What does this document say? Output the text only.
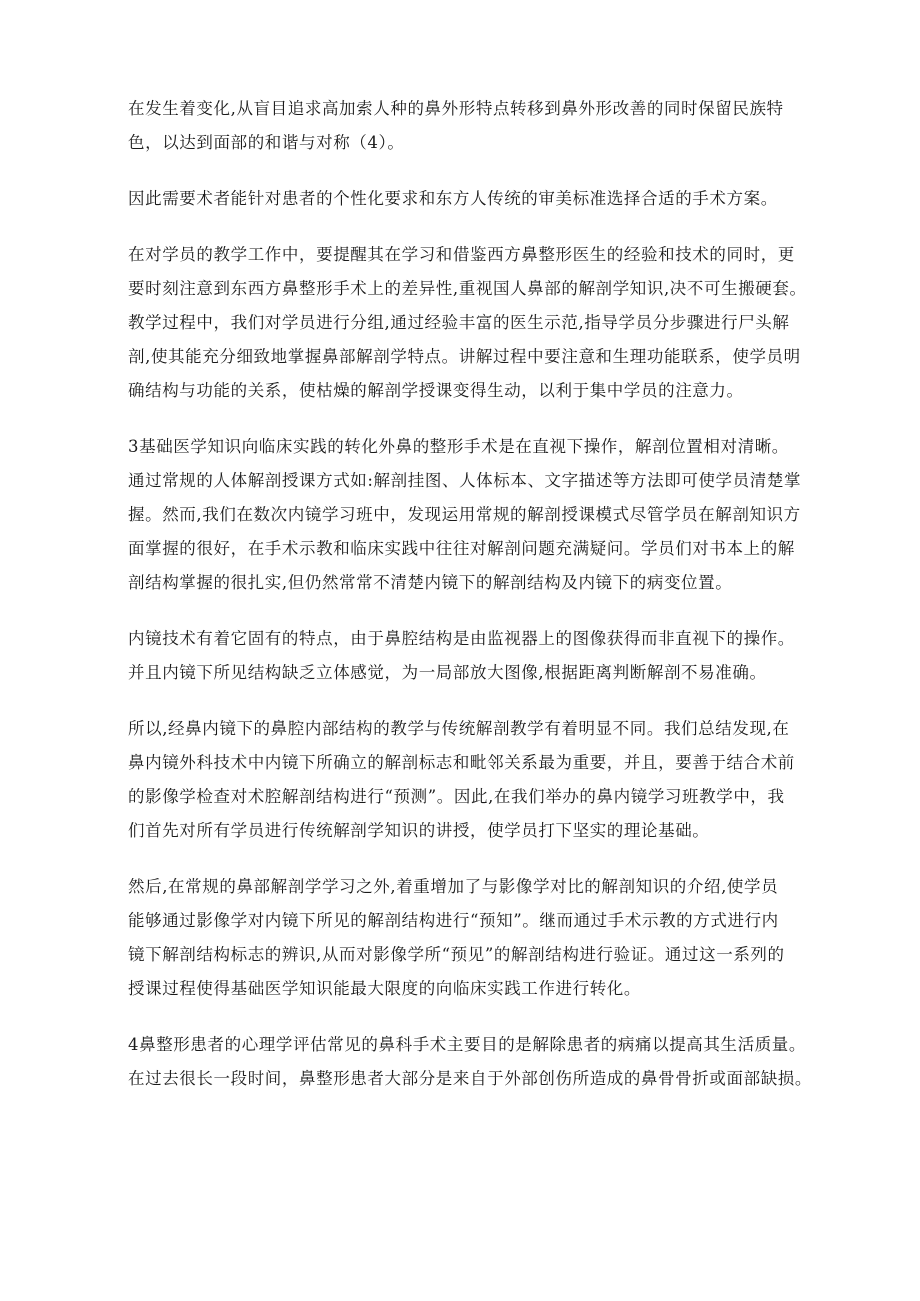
在发生着变化,从盲目追求高加索人种的鼻外形特点转移到鼻外形改善的同时保留民族特
色，以达到面部的和谐与对称（4）。

因此需要术者能针对患者的个性化要求和东方人传统的审美标准选择合适的手术方案。

在对学员的教学工作中，要提醒其在学习和借鉴西方鼻整形医生的经验和技术的同时，更
要时刻注意到东西方鼻整形手术上的差异性,重视国人鼻部的解剖学知识,决不可生搬硬套。
教学过程中，我们对学员进行分组,通过经验丰富的医生示范,指导学员分步骤进行尸头解
剖,使其能充分细致地掌握鼻部解剖学特点。讲解过程中要注意和生理功能联系，使学员明
确结构与功能的关系，使枯燥的解剖学授课变得生动，以利于集中学员的注意力。

3基础医学知识向临床实践的转化外鼻的整形手术是在直视下操作，解剖位置相对清晰。
通过常规的人体解剖授课方式如:解剖挂图、人体标本、文字描述等方法即可使学员清楚掌
握。然而,我们在数次内镜学习班中，发现运用常规的解剖授课模式尽管学员在解剖知识方
面掌握的很好，在手术示教和临床实践中往往对解剖问题充满疑问。学员们对书本上的解
剖结构掌握的很扎实,但仍然常常不清楚内镜下的解剖结构及内镜下的病变位置。

内镜技术有着它固有的特点，由于鼻腔结构是由监视器上的图像获得而非直视下的操作。
并且内镜下所见结构缺乏立体感觉，为一局部放大图像,根据距离判断解剖不易准确。

所以,经鼻内镜下的鼻腔内部结构的教学与传统解剖教学有着明显不同。我们总结发现,在
鼻内镜外科技术中内镜下所确立的解剖标志和毗邻关系最为重要，并且，要善于结合术前
的影像学检查对术腔解剖结构进行“预测”。因此,在我们举办的鼻内镜学习班教学中，我
们首先对所有学员进行传统解剖学知识的讲授，使学员打下坚实的理论基础。

然后,在常规的鼻部解剖学学习之外,着重增加了与影像学对比的解剖知识的介绍,使学员
能够通过影像学对内镜下所见的解剖结构进行“预知”。继而通过手术示教的方式进行内
镜下解剖结构标志的辨识,从而对影像学所“预见”的解剖结构进行验证。通过这一系列的
授课过程使得基础医学知识能最大限度的向临床实践工作进行转化。

4鼻整形患者的心理学评估常见的鼻科手术主要目的是解除患者的病痛以提高其生活质量。
在过去很长一段时间，鼻整形患者大部分是来自于外部创伤所造成的鼻骨骨折或面部缺损。
